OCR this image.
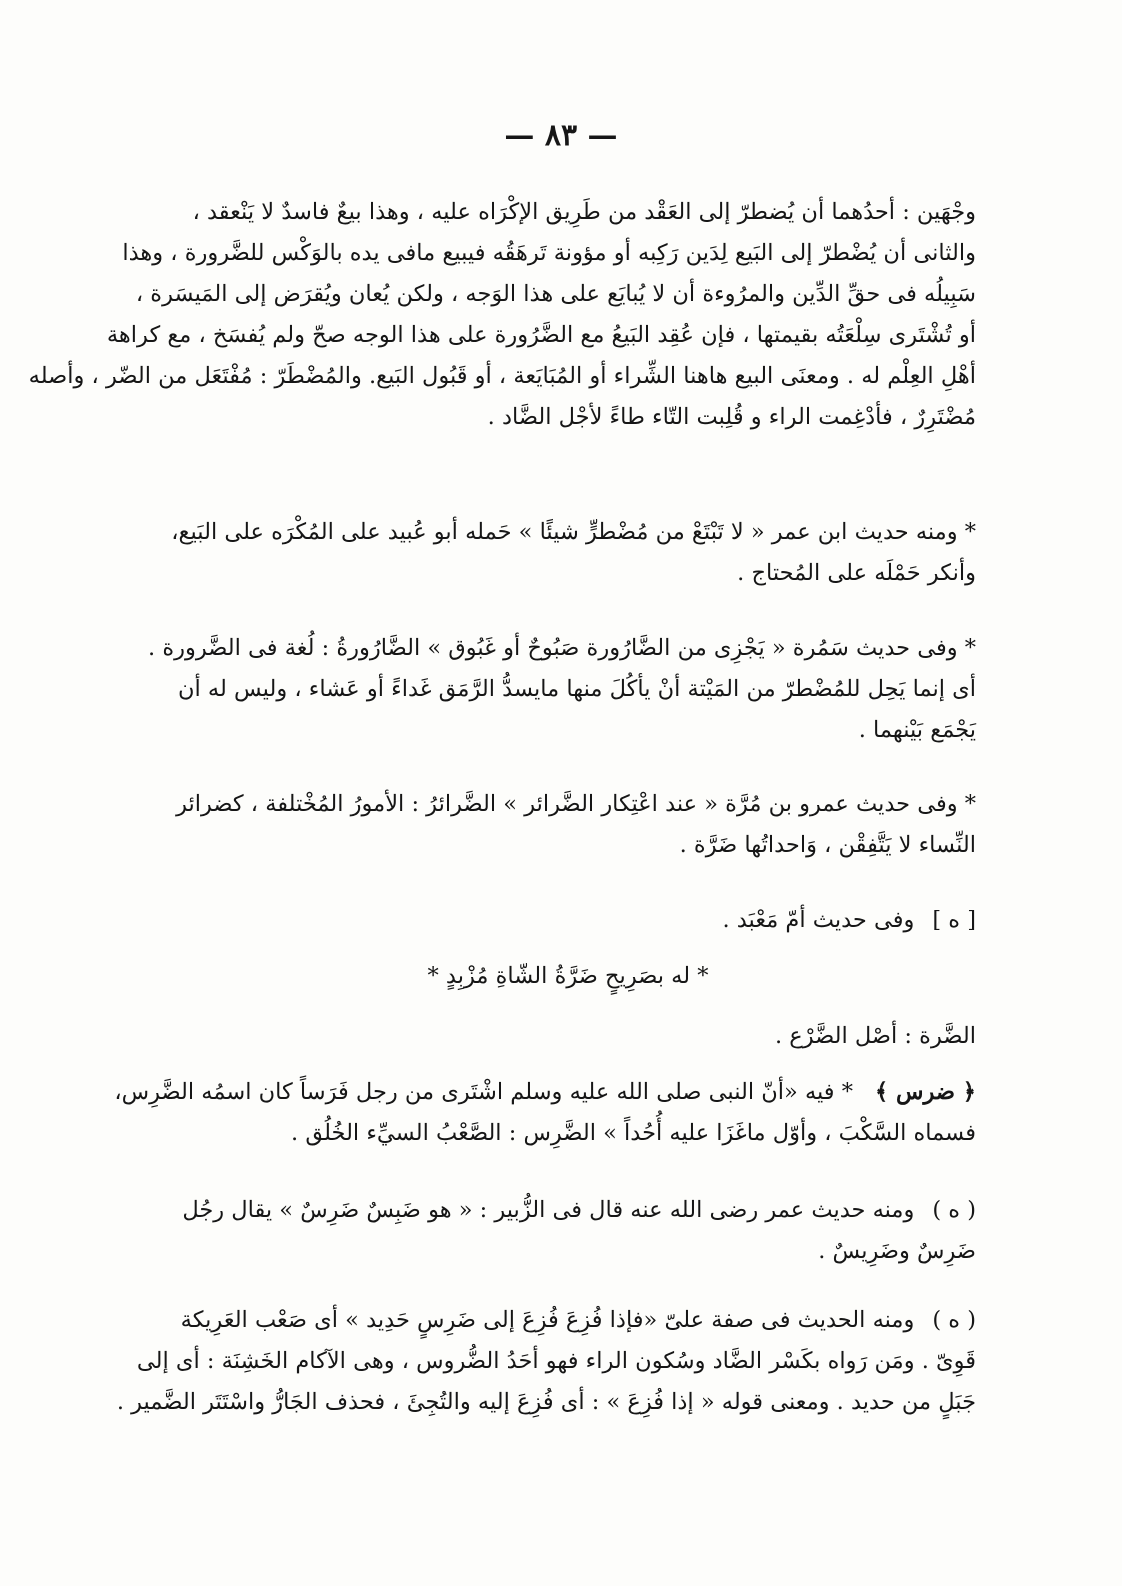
— ٨٣ —
وجْهَين : أحدُهما أن يُضطرّ إلى العَقْد من طَرِيق الإكْرَاه عليه ، وهذا بيعٌ فاسدٌ لا يَنْعقد ،
والثانى أن يُضْطرّ إلى البَيع لِدَين رَكِبه أو مؤونة تَرهَقُه فيبيع مافى يده بالوَكْس للضَّرورة ، وهذا
سَبِيلُه فى حقِّ الدِّين والمرُوءة أن لا يُبايَع على هذا الوَجه ، ولكن يُعان ويُقرَض إلى المَيسَرة ،
أو تُشْتَرى سِلْعَتُه بقيمتها ، فإن عُقِد البَيعُ مع الضَّرُورة على هذا الوجه صحّ ولم يُفسَخ ، مع كراهة
أهْلِ العِلْم له . ومعنَى البيع هاهنا الشِّراء أو المُبَايَعة ، أو قَبُول البَيع. والمُضْطَرّ : مُفْتَعَل من الضّر ، وأصله
مُضْتَرِرٌ ، فأدْغِمت الراء و قُلِبت التّاء طاءً لأجْل الضَّاد .
* ومنه حديث ابن عمر « لا تَبْتَعْ من مُضْطرٍّ شيئًا » حَمله أبو عُبيد على المُكْرَه على البَيع،
وأنكر حَمْلَه على المُحتاج .
* وفى حديث سَمُرة « يَجْزِى من الضَّارُورة صَبُوحٌ أو غَبُوق » الضَّارُورةُ : لُغة فى الضَّرورة .
أى إنما يَحِل للمُضْطرّ من المَيْتة أنْ يأكُلَ منها مايسدُّ الرَّمَق غَداءً أو عَشاء ، وليس له أن
يَجْمَع بَيْنهما .
* وفى حديث عمرو بن مُرَّة « عند اعْتِكار الضَّرائر » الضَّرائرُ : الأمورُ المُخْتلفة ، كضرائر
النِّساء لا يَتَّفِقْن ، وَاحداتُها ضَرَّة .
[ ه ]وفى حديث أمّ مَعْبَد .
* له بصَرِيحٍ ضَرَّةُ الشّاةِ مُزْبِدٍ *
الضَّرة : أصْل الضَّرْع .
﴿ ضرس ﴾* فيه «أنّ النبى صلى الله عليه وسلم اشْتَرى من رجل فَرَساً كان اسمُه الضَّرِس،
فسماه السَّكْبَ ، وأوّل ماغَزَا عليه أُحُداً » الضَّرِس : الصَّعْبُ السيِّء الخُلُق .
( ه )ومنه حديث عمر رضى الله عنه قال فى الزُّبير : « هو ضَبِسٌ ضَرِسٌ » يقال رجُل
ضَرِسٌ وضَرِيسٌ .
( ه )ومنه الحديث فى صفة علىّ «فإذا فُزِعَ فُزِعَ إلى ضَرِسٍ حَدِيد » أى صَعْب العَرِيكة
قَوِىّ . ومَن رَواه بكَسْر الضَّاد وسُكون الراء فهو أحَدُ الضُّروس ، وهى الآكام الخَشِنَة : أى إلى
جَبَلٍ من حديد . ومعنى قوله « إذا فُزِعَ » : أى فُزِعَ إليه والتُجِئَ ، فحذف الجَارُّ واسْتَتَر الضَّمير .
